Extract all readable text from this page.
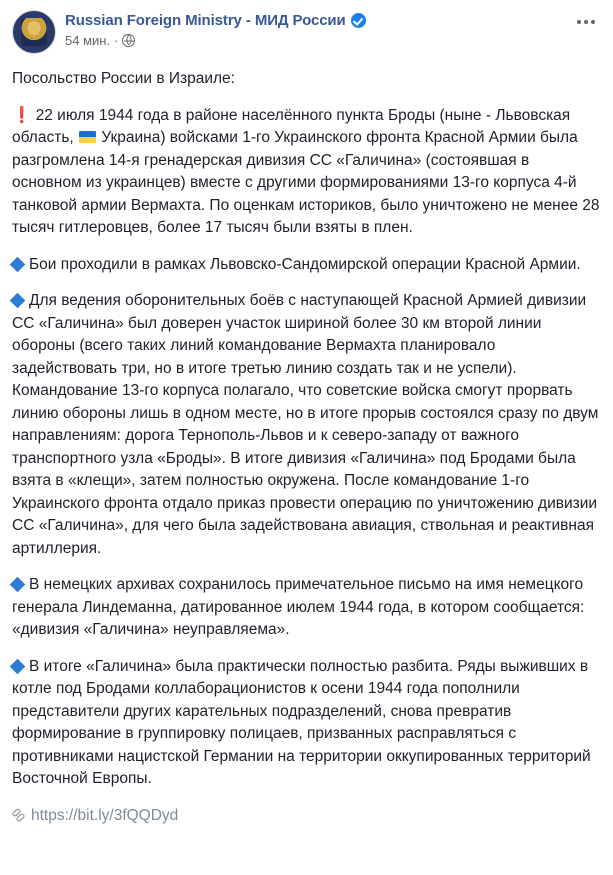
Russian Foreign Ministry - МИД России
54 мин. ·

Посольство России в Израиле:

❗ 22 июля 1944 года в районе населённого пункта Броды (ныне - Львовская область,  Украина) войсками 1-го Украинского фронта Красной Армии была разгромлена 14-я гренадерская дивизия СС «Галичина» (состоявшая в основном из украинцев) вместе с другими формированиями 13-го корпуса 4-й танковой армии Вермахта. По оценкам историков, было уничтожено не менее 28 тысяч гитлеровцев, более 17 тысяч были взяты в плен.

Бои проходили в рамках Львовско-Сандомирской операции Красной Армии.

Для ведения оборонительных боёв с наступающей Красной Армией дивизии СС «Галичина» был доверен участок шириной более 30 км второй линии обороны (всего таких линий командование Вермахта планировало задействовать три, но в итоге третью линию создать так и не успели). Командование 13-го корпуса полагало, что советские войска смогут прорвать линию обороны лишь в одном месте, но в итоге прорыв состоялся сразу по двум направлениям: дорога Тернополь-Львов и к северо-западу от важного транспортного узла «Броды». В итоге дивизия «Галичина» под Бродами была взята в «клещи», затем полностью окружена. После командование 1-го Украинского фронта отдало приказ провести операцию по уничтожению дивизии СС «Галичина», для чего была задействована авиация, ствольная и реактивная артиллерия.

В немецких архивах сохранилось примечательное письмо на имя немецкого генерала Линдеманна, датированное июлем 1944 года, в котором сообщается: «дивизия «Галичина» неуправляема».

В итоге «Галичина» была практически полностью разбита. Ряды выживших в котле под Бродами коллаборационистов к осени 1944 года пополнили представители других карательных подразделений, снова превратив формирование в группировку полицаев, призванных расправляться с противниками нацистской Германии на территории оккупированных территорий Восточной Европы.

https://bit.ly/3fQQDyd
